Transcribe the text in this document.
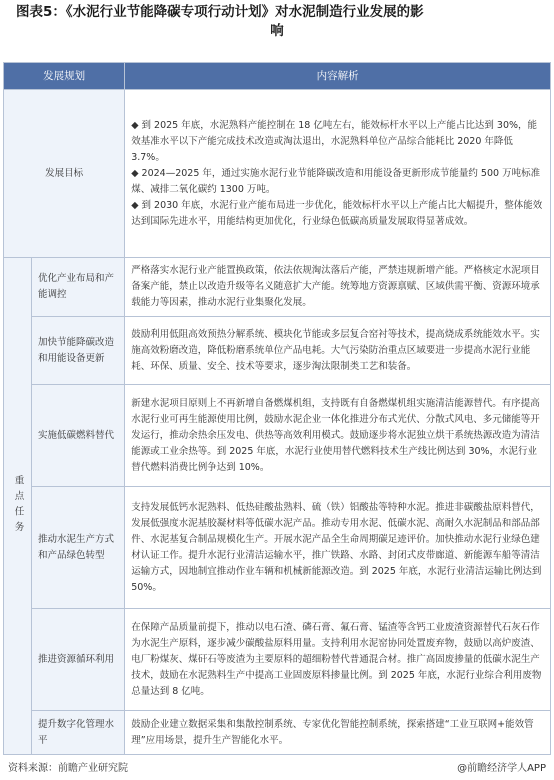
图表5：《水泥行业节能降碳专项行动计划》对水泥制造行业发展的影
响
发展规划		内容解析
发展目标		◆ 到 2025 年底，水泥熟料产能控制在 18 亿吨左右，能效标杆水平以上产能占比达到 30%，能效基准水平以下产能完成技术改造或淘汰退出，水泥熟料单位产品综合能耗比 2020 年降低 3.7%。

◆ 2024—2025 年，通过实施水泥行业节能降碳改造和用能设备更新形成节能量约 500 万吨标准煤、减排二氧化碳约 1300 万吨。

◆ 到 2030 年底，水泥行业产能布局进一步优化，能效标杆水平以上产能占比大幅提升，整体能效达到国际先进水平，用能结构更加优化，行业绿色低碳高质量发展取得显著成效。

重点任务	优化产业布局和产能调控	严格落实水泥行业产能置换政策，依法依规淘汰落后产能，严禁违规新增产能。严格核定水泥项目备案产能，禁止以改造升级等名义随意扩大产能。统筹地方资源禀赋、区域供需平衡、资源环境承载能力等因素，推动水泥行业集聚化发展。
	加快节能降碳改造和用能设备更新	鼓励利用低阻高效预热分解系统、模块化节能或多层复合窑衬等技术，提高烧成系统能效水平。实施高效粉磨改造，降低粉磨系统单位产品电耗。大气污染防治重点区域要进一步提高水泥行业能耗、环保、质量、安全、技术等要求，逐步淘汰限制类工艺和装备。
	实施低碳燃料替代	新建水泥项目原则上不再新增自备燃煤机组，支持既有自备燃煤机组实施清洁能源替代。有序提高水泥行业可再生能源使用比例，鼓励水泥企业一体化推进分布式光伏、分散式风电、多元储能等开发运行，推动余热余压发电、供热等高效利用模式。鼓励逐步将水泥独立烘干系统热源改造为清洁能源或工业余热等。到 2025 年底，水泥行业使用替代燃料技术生产线比例达到 30%，水泥行业替代燃料消费比例争达到 10%。
	推动水泥生产方式和产品绿色转型	支持发展低钙水泥熟料、低热硅酸盐熟料、硫（铁）铝酸盐等特种水泥。推进非碳酸盐原料替代，发展低强度水泥基胶凝材料等低碳水泥产品。推动专用水泥、低碳水泥、高耐久水泥制品和部品部件、水泥基复合制品规模化生产。开展水泥产品全生命周期碳足迹评价。加快推动水泥行业绿色建材认证工作。提升水泥行业清洁运输水平，推广铁路、水路、封闭式皮带廊道、新能源车船等清洁运输方式，因地制宜推动作业车辆和机械新能源改造。到 2025 年底，水泥行业清洁运输比例达到 50%。
	推进资源循环利用	在保障产品质量前提下，推动以电石渣、磷石膏、氟石膏、锰渣等含钙工业废渣资源替代石灰石作为水泥生产原料，逐步减少碳酸盐原料用量。支持利用水泥窑协同处置废弃物，鼓励以高炉废渣、电厂粉煤灰、煤矸石等废渣为主要原料的超细粉替代普通混合材。推广高固废掺量的低碳水泥生产技术，鼓励在水泥熟料生产中提高工业固废原料掺量比例。到 2025 年底，水泥行业综合利用废物总量达到 8 亿吨。
	提升数字化管理水平	鼓励企业建立数据采集和集散控制系统、专家优化智能控制系统，探索搭建“工业互联网+能效管理”应用场景，提升生产智能化水平。
资料来源：前瞻产业研究院	@前瞻经济学人APP
